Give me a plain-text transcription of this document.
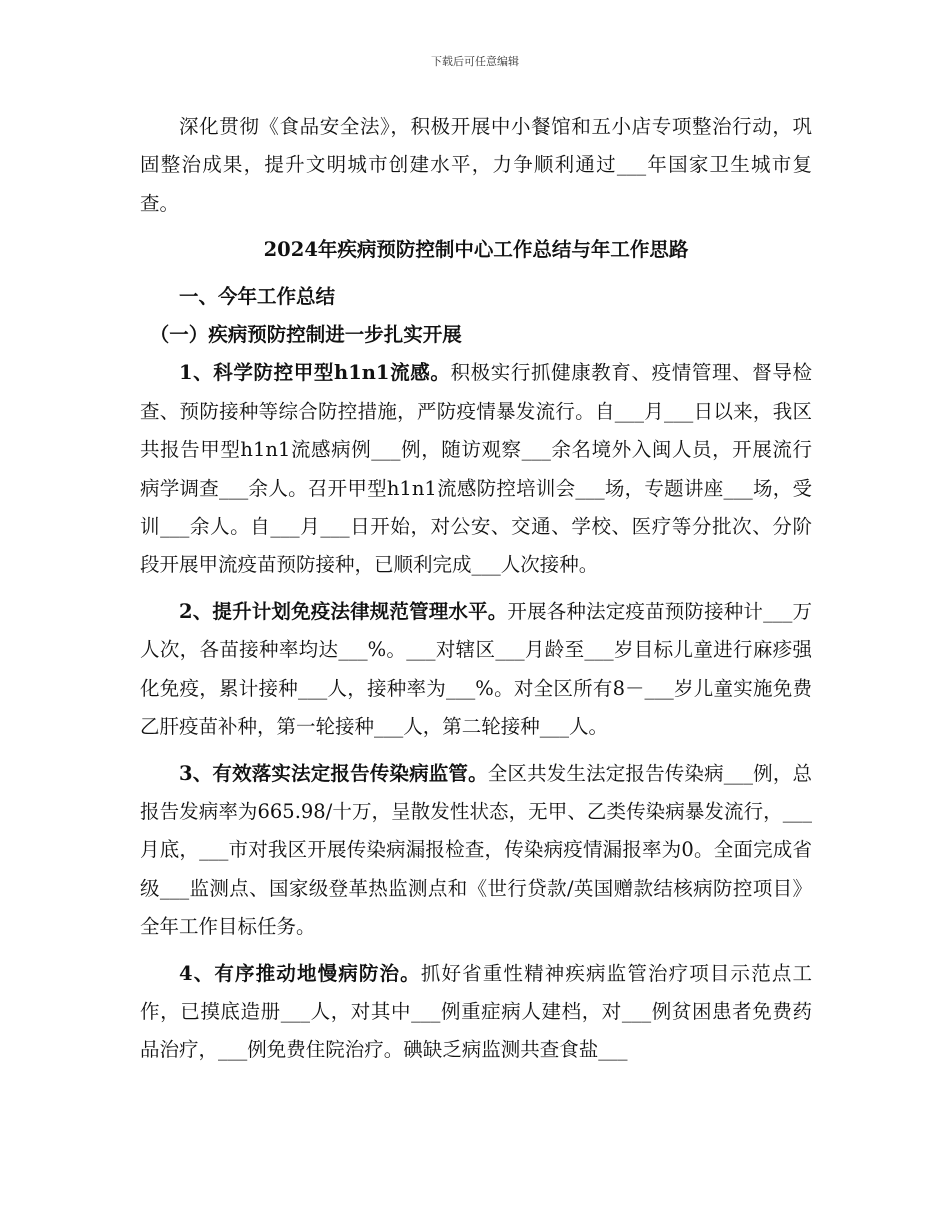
下载后可任意编辑

深化贯彻《食品安全法》，积极开展中小餐馆和五小店专项整治行动，巩固整治成果，提升文明城市创建水平，力争顺利通过___年国家卫生城市复查。

2024年疾病预防控制中心工作总结与年工作思路

一、今年工作总结

（一）疾病预防控制进一步扎实开展

1、科学防控甲型h1n1流感。积极实行抓健康教育、疫情管理、督导检查、预防接种等综合防控措施，严防疫情暴发流行。自___月___日以来，我区共报告甲型h1n1流感病例___例，随访观察___余名境外入闽人员，开展流行病学调查___余人。召开甲型h1n1流感防控培训会___场，专题讲座___场，受训___余人。自___月___日开始，对公安、交通、学校、医疗等分批次、分阶段开展甲流疫苗预防接种，已顺利完成___人次接种。

2、提升计划免疫法律规范管理水平。开展各种法定疫苗预防接种计___万人次，各苗接种率均达___%。___对辖区___月龄至___岁目标儿童进行麻疹强化免疫，累计接种___人，接种率为___%。对全区所有8－___岁儿童实施免费乙肝疫苗补种，第一轮接种___人，第二轮接种___人。

3、有效落实法定报告传染病监管。全区共发生法定报告传染病___例，总报告发病率为665.98/十万，呈散发性状态，无甲、乙类传染病暴发流行，___月底，___市对我区开展传染病漏报检查，传染病疫情漏报率为0。全面完成省级___监测点、国家级登革热监测点和《世行贷款/英国赠款结核病防控项目》全年工作目标任务。

4、有序推动地慢病防治。抓好省重性精神疾病监管治疗项目示范点工作，已摸底造册___人，对其中___例重症病人建档，对___例贫困患者免费药品治疗，___例免费住院治疗。碘缺乏病监测共查食盐___
